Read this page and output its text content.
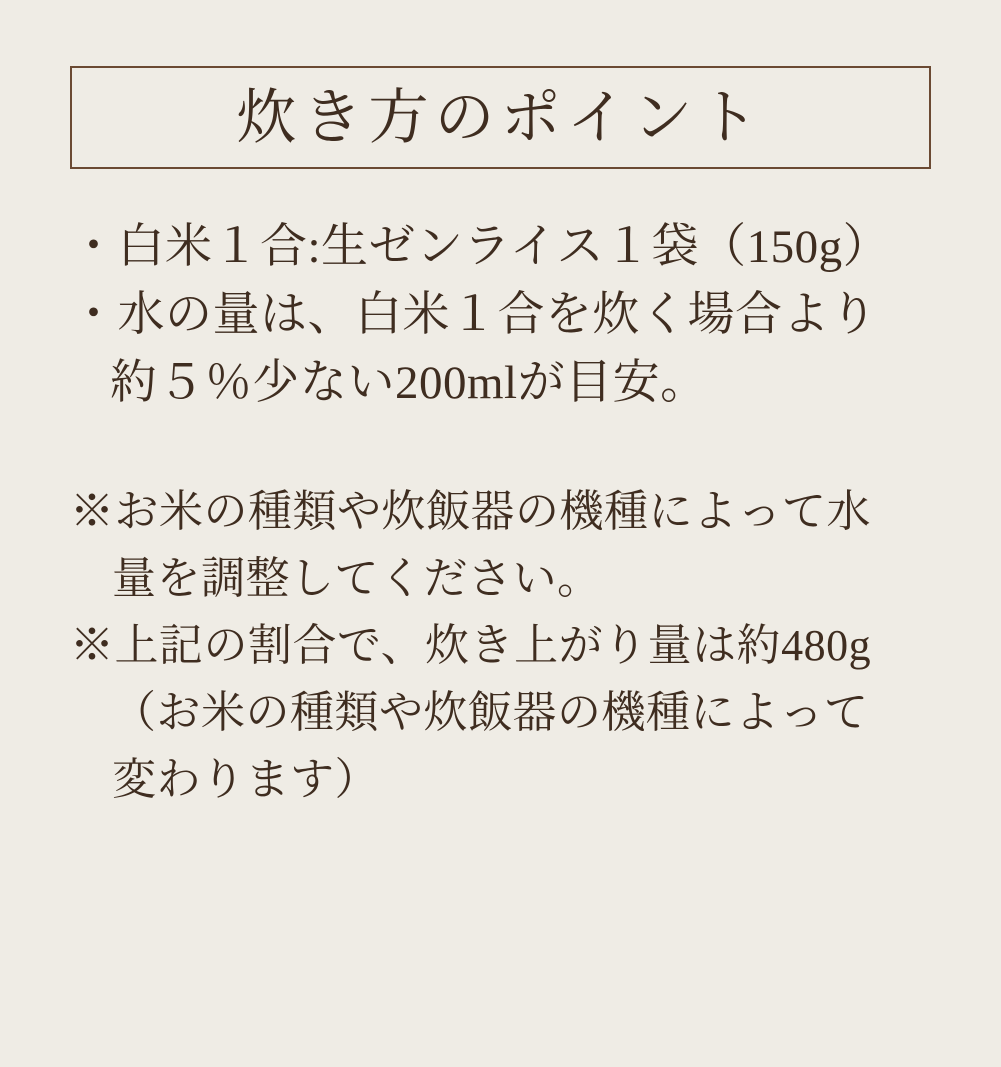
炊き方のポイント
・白米１合:生ゼンライス１袋（150g）
・水の量は、白米１合を炊く場合より
約５％少ない200mlが目安。
※お米の種類や炊飯器の機種によって水
量を調整してください。
※上記の割合で、炊き上がり量は約480g
（お米の種類や炊飯器の機種によって
変わります）
